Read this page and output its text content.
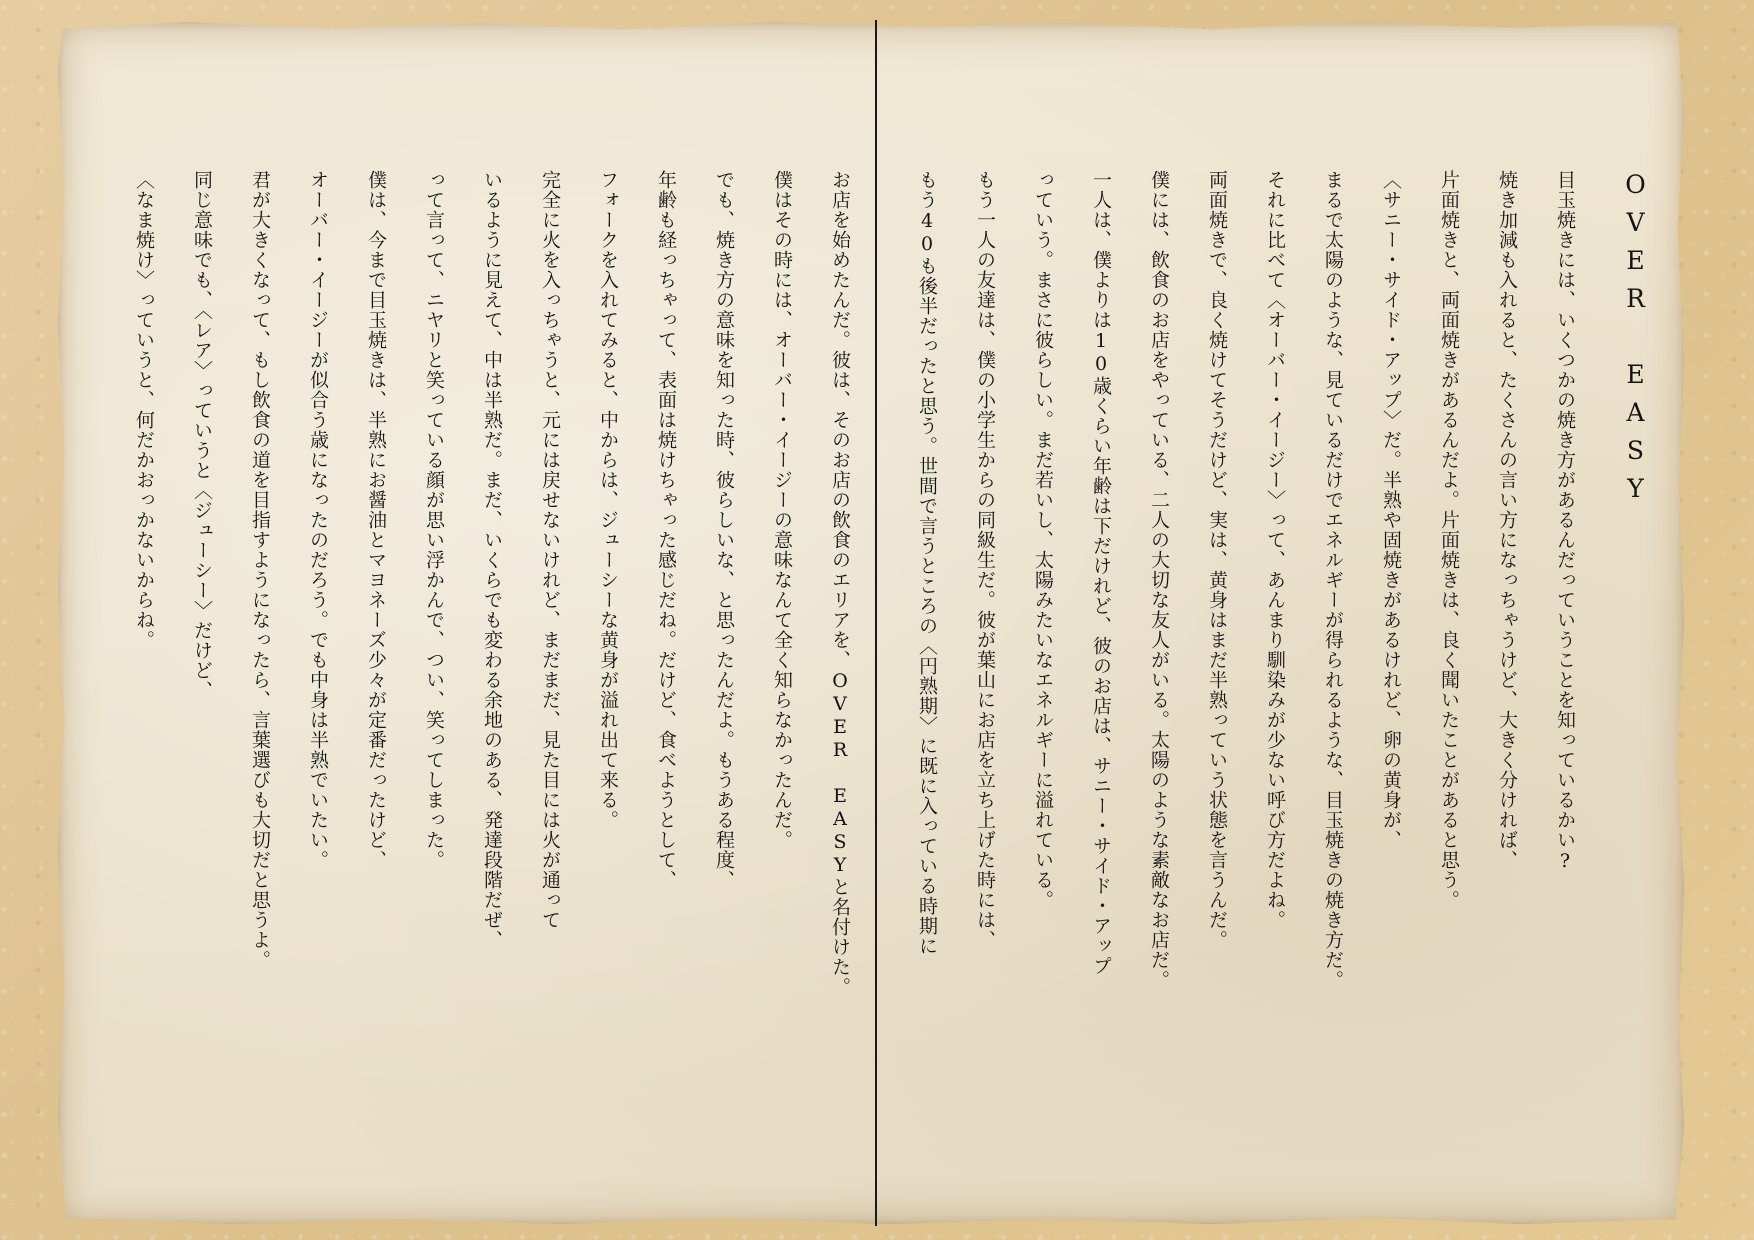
OVER EASY
目玉焼きには、いくつかの焼き方があるんだっていうことを知っているかい?
焼き加減も入れると、たくさんの言い方になっちゃうけど、大きく分ければ、
片面焼きと、両面焼きがあるんだよ。片面焼きは、良く聞いたことがあると思う。
〈サニー・サイド・アップ〉だ。半熟や固焼きがあるけれど、卵の黄身が、
まるで太陽のような、見ているだけでエネルギーが得られるような、目玉焼きの焼き方だ。
それに比べて〈オーバー・イージー〉って、あんまり馴染みが少ない呼び方だよね。
両面焼きで、良く焼けてそうだけど、実は、黄身はまだ半熟っていう状態を言うんだ。
僕には、飲食のお店をやっている、二人の大切な友人がいる。太陽のような素敵なお店だ。
一人は、僕よりは10歳くらい年齢は下だけれど、彼のお店は、サニー・サイド・アップ
っていう。まさに彼らしい。まだ若いし、太陽みたいなエネルギーに溢れている。
もう一人の友達は、僕の小学生からの同級生だ。彼が葉山にお店を立ち上げた時には、
もう40も後半だったと思う。世間で言うところの〈円熟期〉に既に入っている時期に
お店を始めたんだ。彼は、そのお店の飲食のエリアを、OVER EASYと名付けた。
僕はその時には、オーバー・イージーの意味なんて全く知らなかったんだ。
でも、焼き方の意味を知った時、彼らしいな、と思ったんだよ。もうある程度、
年齢も経っちゃって、表面は焼けちゃった感じだね。だけど、食べようとして、
フォークを入れてみると、中からは、ジューシーな黄身が溢れ出て来る。
完全に火を入っちゃうと、元には戻せないけれど、まだまだ、見た目には火が通って
いるように見えて、中は半熟だ。まだ、いくらでも変わる余地のある、発達段階だぜ、
って言って、ニヤリと笑っている顔が思い浮かんで、つい、笑ってしまった。
僕は、今まで目玉焼きは、半熟にお醤油とマヨネーズ少々が定番だったけど、
オーバー・イージーが似合う歳になったのだろう。でも中身は半熟でいたい。
君が大きくなって、もし飲食の道を目指すようになったら、言葉選びも大切だと思うよ。
同じ意味でも、〈レア〉っていうと〈ジューシー〉だけど、
〈なま焼け〉っていうと、何だかおっかないからね。
